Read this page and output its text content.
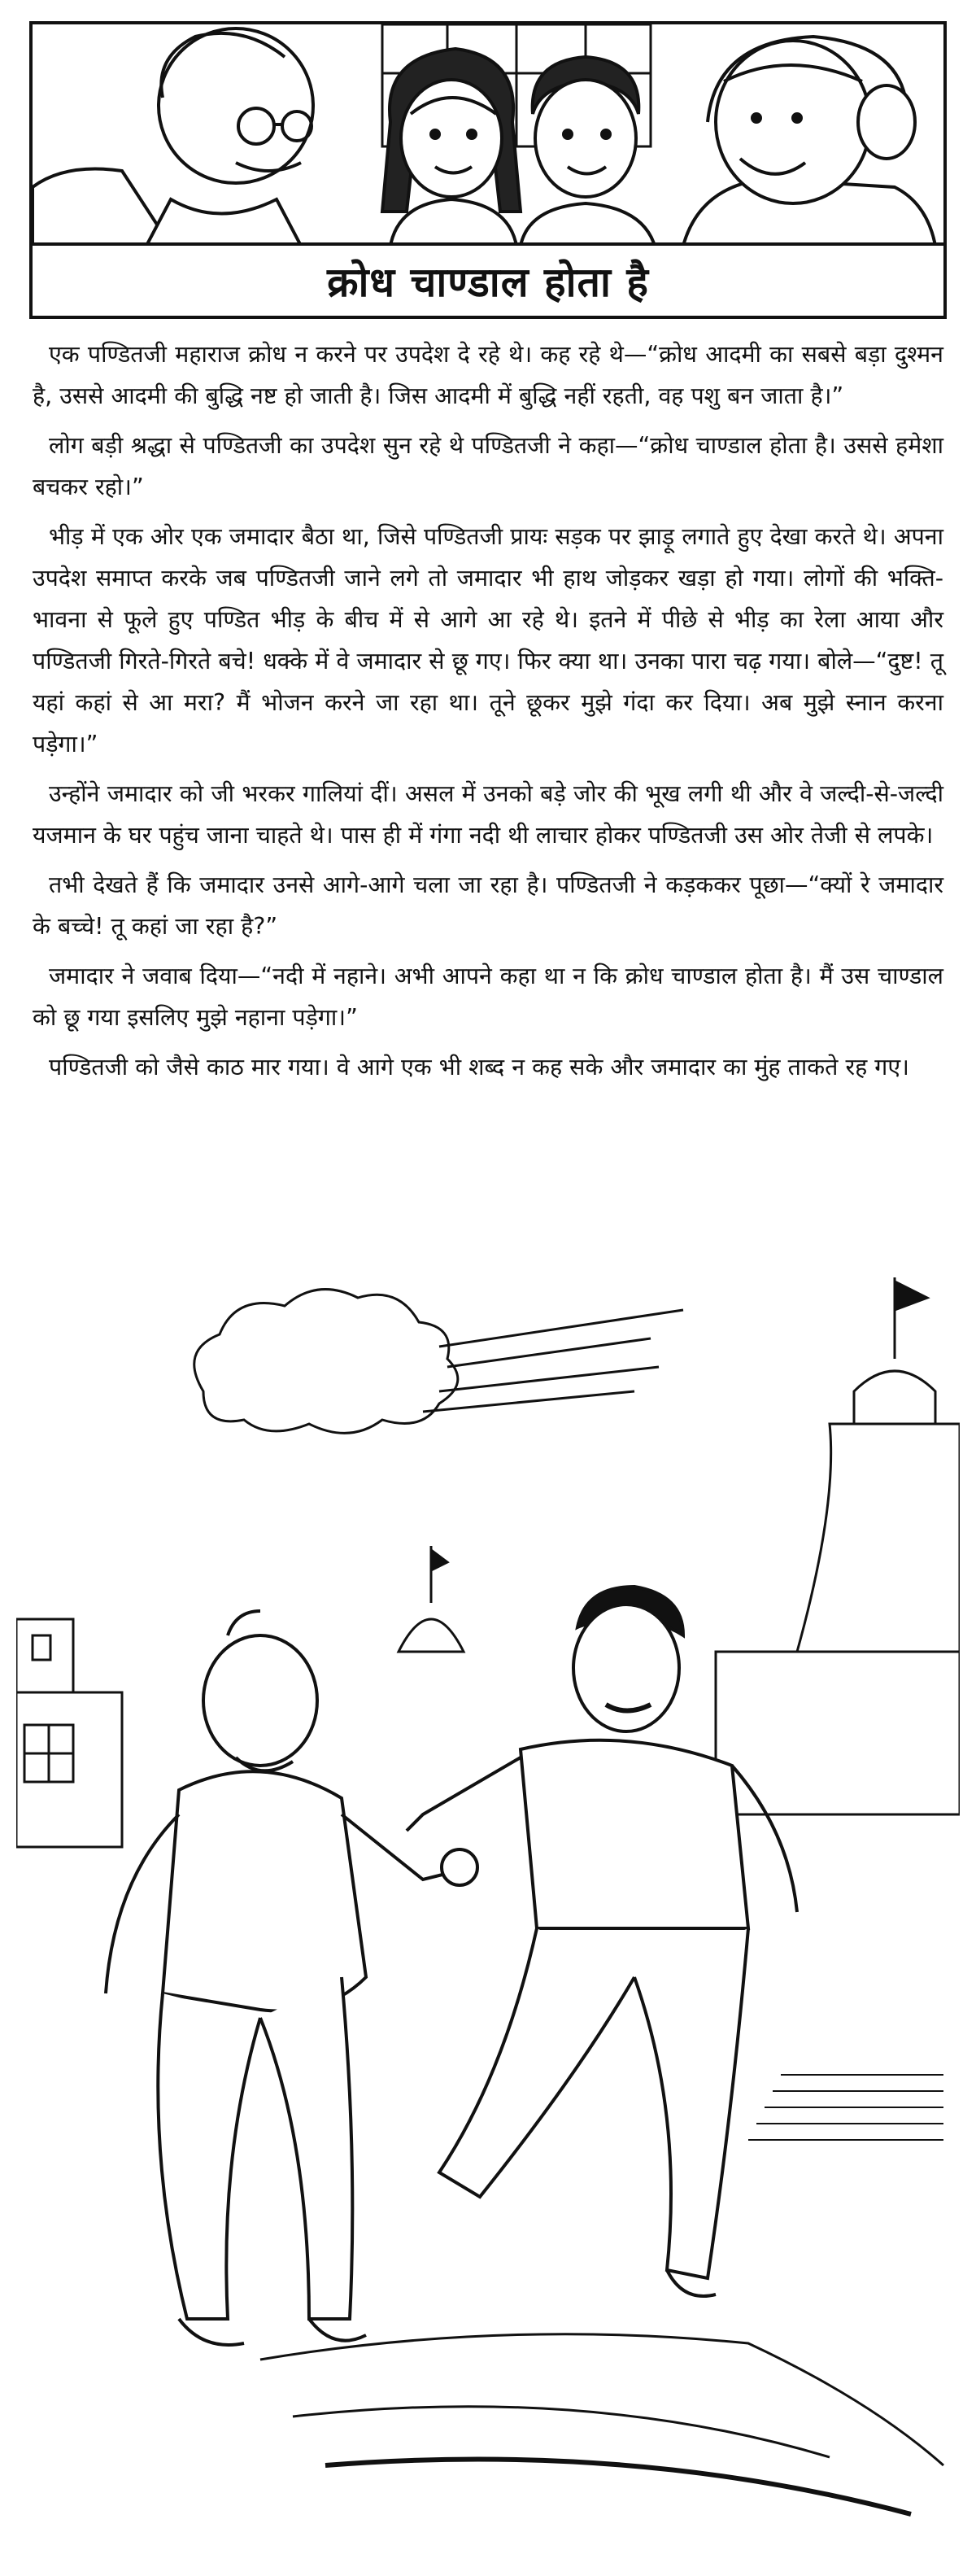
क्रोध चाण्डाल होता है

एक पण्डितजी महाराज क्रोध न करने पर उपदेश दे रहे थे। कह रहे थे—“क्रोध आदमी का सबसे बड़ा दुश्मन है, उससे आदमी की बुद्धि नष्ट हो जाती है। जिस आदमी में बुद्धि नहीं रहती, वह पशु बन जाता है।”

लोग बड़ी श्रद्धा से पण्डितजी का उपदेश सुन रहे थे पण्डितजी ने कहा—“क्रोध चाण्डाल होता है। उससे हमेशा बचकर रहो।”

भीड़ में एक ओर एक जमादार बैठा था, जिसे पण्डितजी प्रायः सड़क पर झाड़ू लगाते हुए देखा करते थे। अपना उपदेश समाप्त करके जब पण्डितजी जाने लगे तो जमादार भी हाथ जोड़कर खड़ा हो गया। लोगों की भक्ति-भावना से फूले हुए पण्डित भीड़ के बीच में से आगे आ रहे थे। इतने में पीछे से भीड़ का रेला आया और पण्डितजी गिरते-गिरते बचे! धक्के में वे जमादार से छू गए। फिर क्या था। उनका पारा चढ़ गया। बोले—“दुष्ट! तू यहां कहां से आ मरा? मैं भोजन करने जा रहा था। तूने छूकर मुझे गंदा कर दिया। अब मुझे स्नान करना पड़ेगा।”

उन्होंने जमादार को जी भरकर गालियां दीं। असल में उनको बड़े जोर की भूख लगी थी और वे जल्दी-से-जल्दी यजमान के घर पहुंच जाना चाहते थे। पास ही में गंगा नदी थी लाचार होकर पण्डितजी उस ओर तेजी से लपके।

तभी देखते हैं कि जमादार उनसे आगे-आगे चला जा रहा है। पण्डितजी ने कड़ककर पूछा—“क्यों रे जमादार के बच्चे! तू कहां जा रहा है?”

जमादार ने जवाब दिया—“नदी में नहाने। अभी आपने कहा था न कि क्रोध चाण्डाल होता है। मैं उस चाण्डाल को छू गया इसलिए मुझे नहाना पड़ेगा।”

पण्डितजी को जैसे काठ मार गया। वे आगे एक भी शब्द न कह सके और जमादार का मुंह ताकते रह गए।
